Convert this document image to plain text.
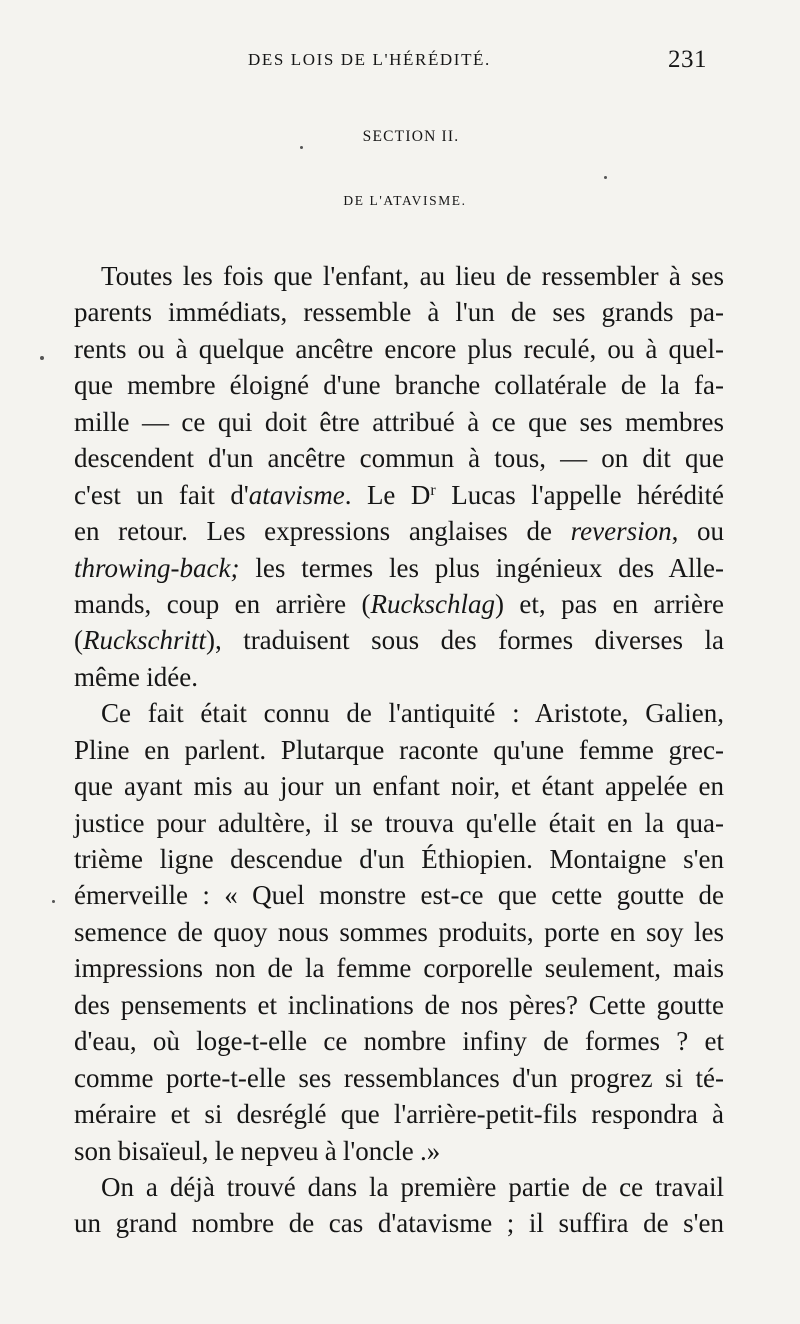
DES LOIS DE L'HÉRÉDITÉ.	231
SECTION II.
DE L'ATAVISME.
Toutes les fois que l'enfant, au lieu de ressembler à ses
parents immédiats, ressemble à l'un de ses grands pa-
rents ou à quelque ancêtre encore plus reculé, ou à quel-
que membre éloigné d'une branche collatérale de la fa-
mille — ce qui doit être attribué à ce que ses membres
descendent d'un ancêtre commun à tous, — on dit que
c'est un fait d'atavisme. Le $D^r$ Lucas l'appelle hérédité
en retour. Les expressions anglaises de reversion, ou
throwing-back; les termes les plus ingénieux des Alle-
mands, coup en arrière (Ruckschlag) et, pas en arrière
(Ruckschritt), traduisent sous des formes diverses la
même idée.
Ce fait était connu de l'antiquité : Aristote, Galien,
Pline en parlent. Plutarque raconte qu'une femme grec-
que ayant mis au jour un enfant noir, et étant appelée en
justice pour adultère, il se trouva qu'elle était en la qua-
trième ligne descendue d'un Éthiopien. Montaigne s'en
émerveille : « Quel monstre est-ce que cette goutte de
semence de quoy nous sommes produits, porte en soy les
impressions non de la femme corporelle seulement, mais
des pensements et inclinations de nos pères? Cette goutte
d'eau, où loge-t-elle ce nombre infiny de formes ? et
comme porte-t-elle ses ressemblances d'un progrez si té-
méraire et si desréglé que l'arrière-petit-fils respondra à
son bisaïeul, le nepveu à l'oncle .»
On a déjà trouvé dans la première partie de ce travail
un grand nombre de cas d'atavisme ; il suffira de s'en
